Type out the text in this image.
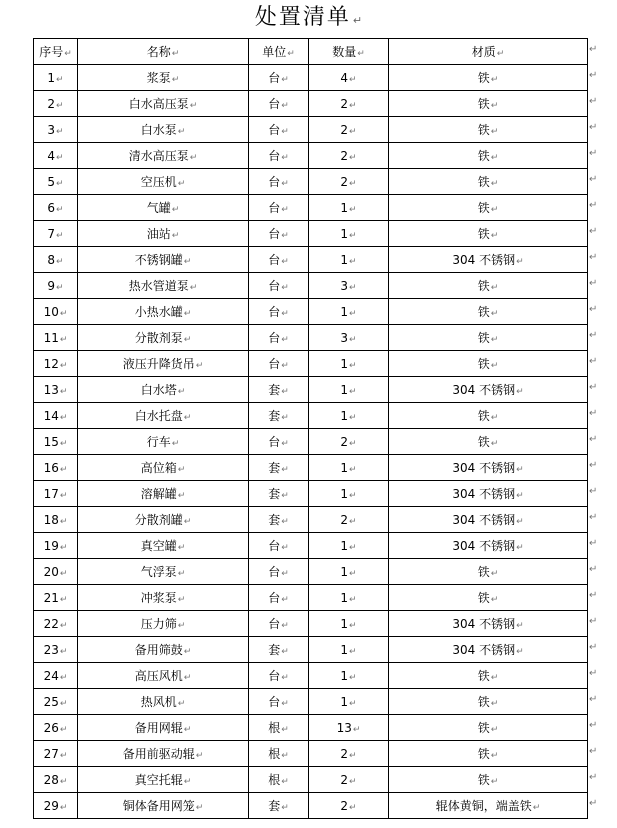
处置清单 ↵
序号↵	名称↵	单位↵	数量↵	材质↵
1↵	浆泵↵	台↵	4↵	铁↵
2↵	白水高压泵↵	台↵	2↵	铁↵
3↵	白水泵↵	台↵	2↵	铁↵
4↵	清水高压泵↵	台↵	2↵	铁↵
5↵	空压机↵	台↵	2↵	铁↵
6↵	气罐↵	台↵	1↵	铁↵
7↵	油站↵	台↵	1↵	铁↵
8↵	不锈钢罐↵	台↵	1↵	304 不锈钢↵
9↵	热水管道泵↵	台↵	3↵	铁↵
10↵	小热水罐↵	台↵	1↵	铁↵
11↵	分散剂泵↵	台↵	3↵	铁↵
12↵	液压升降货吊↵	台↵	1↵	铁↵
13↵	白水塔↵	套↵	1↵	304 不锈钢↵
14↵	白水托盘↵	套↵	1↵	铁↵
15↵	行车↵	台↵	2↵	铁↵
16↵	高位箱↵	套↵	1↵	304 不锈钢↵
17↵	溶解罐↵	套↵	1↵	304 不锈钢↵
18↵	分散剂罐↵	套↵	2↵	304 不锈钢↵
19↵	真空罐↵	台↵	1↵	304 不锈钢↵
20↵	气浮泵↵	台↵	1↵	铁↵
21↵	冲浆泵↵	台↵	1↵	铁↵
22↵	压力筛↵	台↵	1↵	304 不锈钢↵
23↵	备用筛鼓↵	套↵	1↵	304 不锈钢↵
24↵	高压风机↵	台↵	1↵	铁↵
25↵	热风机↵	台↵	1↵	铁↵
26↵	备用网辊↵	根↵	13↵	铁↵
27↵	备用前驱动辊↵	根↵	2↵	铁↵
28↵	真空托辊↵	根↵	2↵	铁↵
29↵	铜体备用网笼↵	套↵	2↵	辊体黄铜，端盖铁↵
↵
↵
↵
↵
↵
↵
↵
↵
↵
↵
↵
↵
↵
↵
↵
↵
↵
↵
↵
↵
↵
↵
↵
↵
↵
↵
↵
↵
↵
↵
